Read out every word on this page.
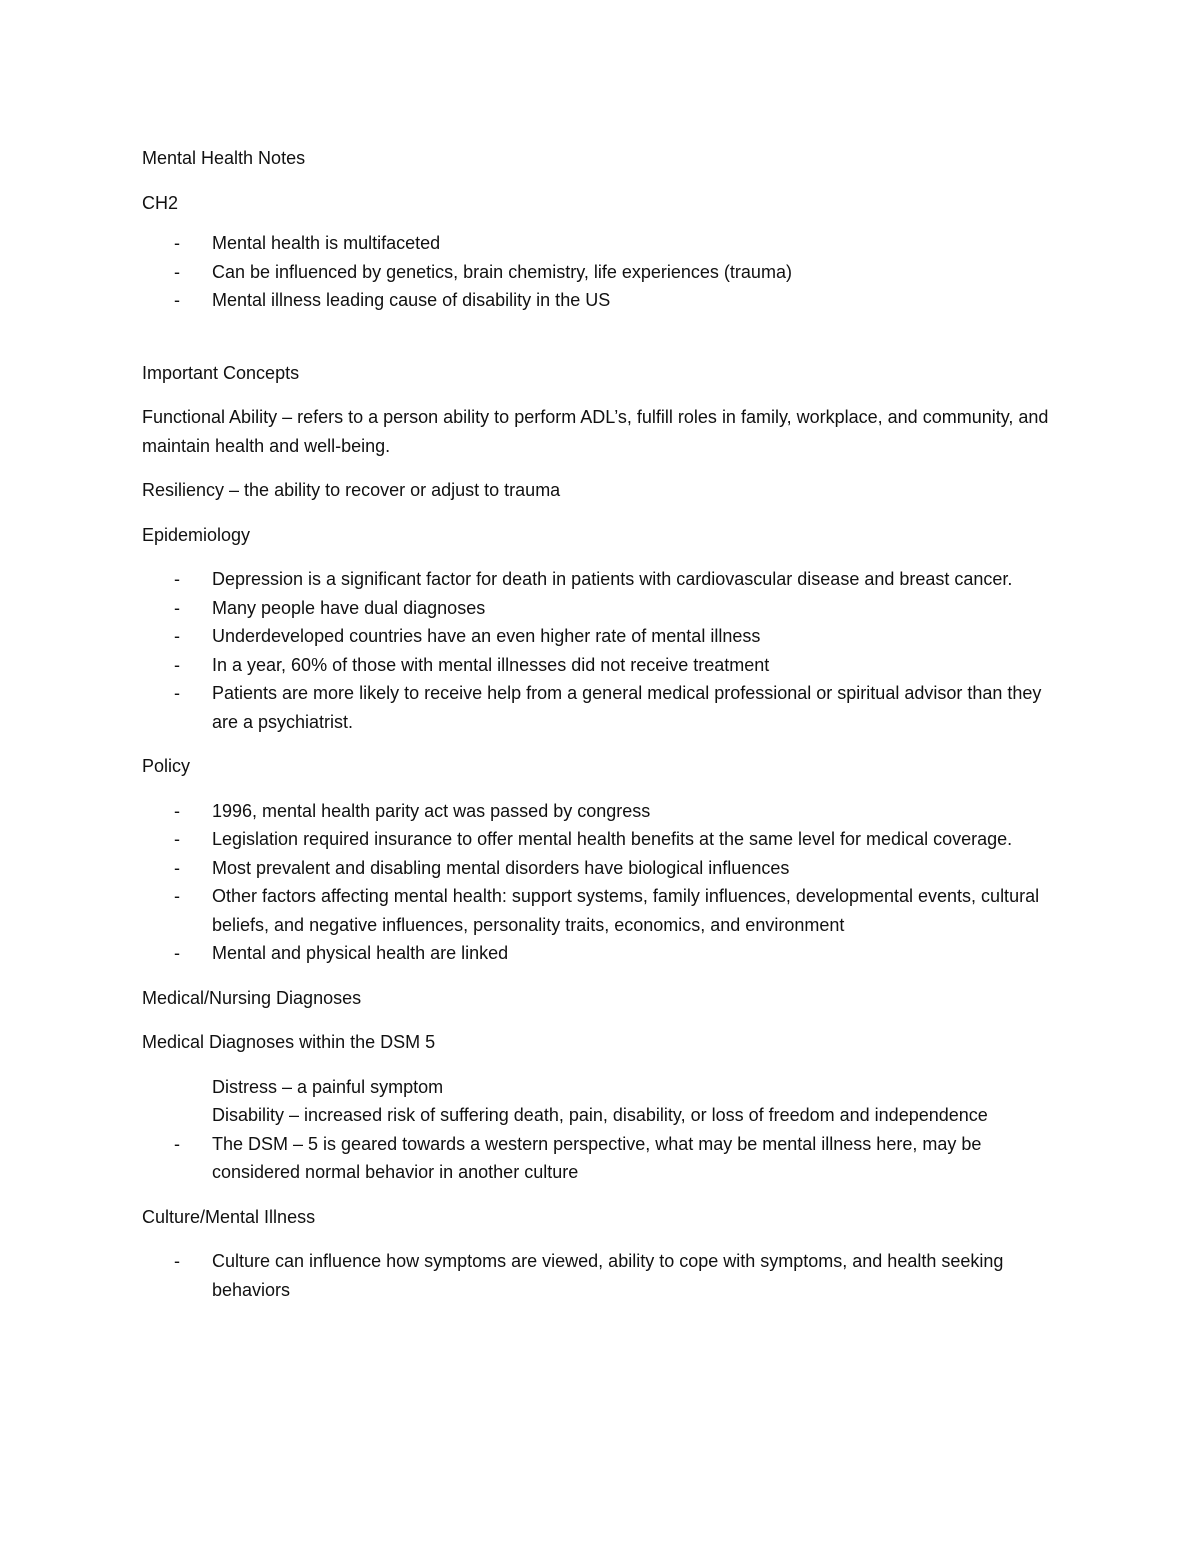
Mental Health Notes

CH2

- Mental health is multifaceted
- Can be influenced by genetics, brain chemistry, life experiences (trauma)
- Mental illness leading cause of disability in the US

Important Concepts

Functional Ability – refers to a person ability to perform ADL’s, fulfill roles in family, workplace, and community, and maintain health and well-being.

Resiliency – the ability to recover or adjust to trauma

Epidemiology

- Depression is a significant factor for death in patients with cardiovascular disease and breast cancer.
- Many people have dual diagnoses
- Underdeveloped countries have an even higher rate of mental illness
- In a year, 60% of those with mental illnesses did not receive treatment
- Patients are more likely to receive help from a general medical professional or spiritual advisor than they are a psychiatrist.

Policy

- 1996, mental health parity act was passed by congress
- Legislation required insurance to offer mental health benefits at the same level for medical coverage.
- Most prevalent and disabling mental disorders have biological influences
- Other factors affecting mental health: support systems, family influences, developmental events, cultural beliefs, and negative influences, personality traits, economics, and environment
- Mental and physical health are linked

Medical/Nursing Diagnoses

Medical Diagnoses within the DSM 5

Distress – a painful symptom
Disability – increased risk of suffering death, pain, disability, or loss of freedom and independence
- The DSM – 5 is geared towards a western perspective, what may be mental illness here, may be considered normal behavior in another culture

Culture/Mental Illness

- Culture can influence how symptoms are viewed, ability to cope with symptoms, and health seeking behaviors
